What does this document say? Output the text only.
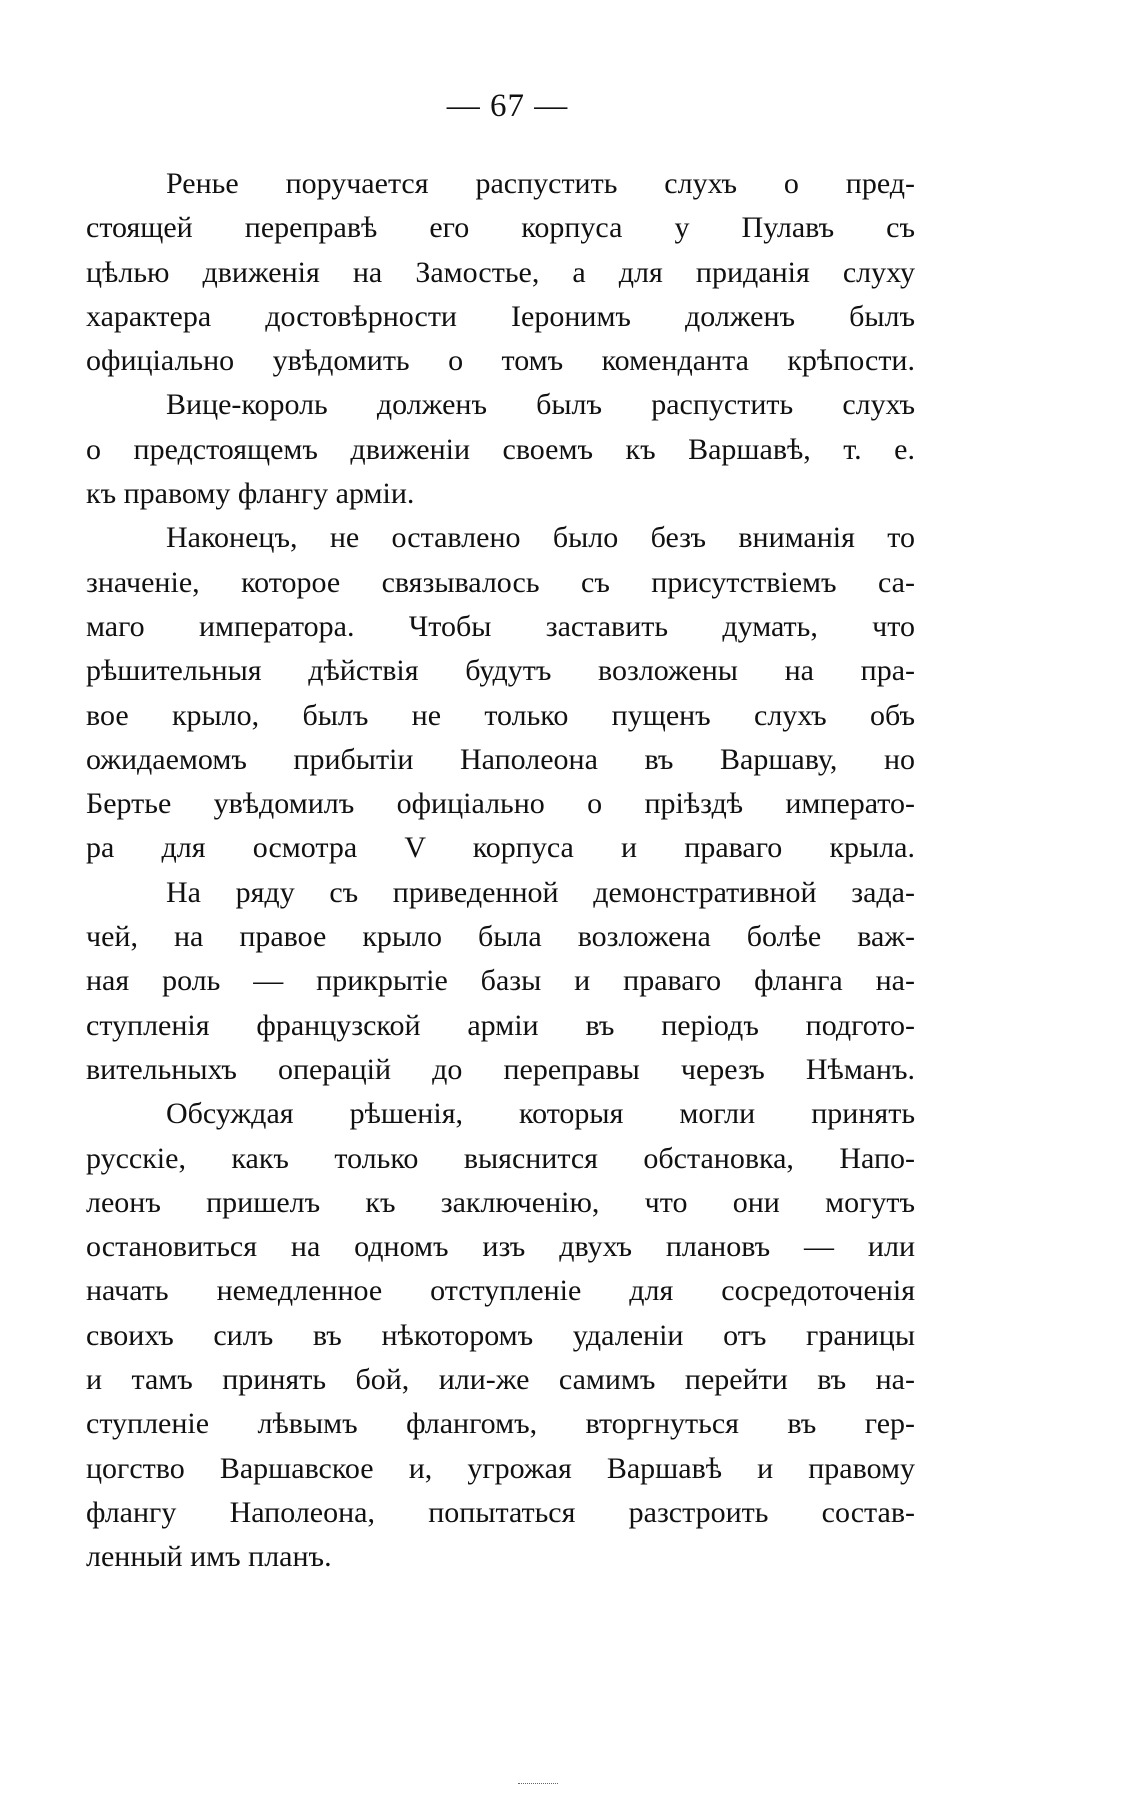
— 67 —
Ренье поручается распустить слухъ о пред-
стоящей переправѣ его корпуса у Пулавъ съ
цѣлью движенія на Замостье, а для приданія слуху
характера достовѣрности Іеронимъ долженъ былъ
офиціально увѣдомить о томъ коменданта крѣпости.
Вице-король долженъ былъ распустить слухъ
о предстоящемъ движеніи своемъ къ Варшавѣ, т. е.
къ правому флангу арміи.
Наконецъ, не оставлено было безъ вниманія то
значеніе, которое связывалось съ присутствіемъ са-
маго императора. Чтобы заставить думать, что
рѣшительныя дѣйствія будутъ возложены на пра-
вое крыло, былъ не только пущенъ слухъ объ
ожидаемомъ прибытіи Наполеона въ Варшаву, но
Бертье увѣдомилъ офиціально о пріѣздѣ императо-
ра для осмотра V корпуса и праваго крыла.
На ряду съ приведенной демонстративной зада-
чей, на правое крыло была возложена болѣе важ-
ная роль — прикрытіе базы и праваго фланга на-
ступленія французской арміи въ періодъ подгото-
вительныхъ операцій до переправы черезъ Нѣманъ.
Обсуждая рѣшенія, которыя могли принять
русскіе, какъ только выяснится обстановка, Напо-
леонъ пришелъ къ заключенію, что они могутъ
остановиться на одномъ изъ двухъ плановъ — или
начать немедленное отступленіе для сосредоточенія
своихъ силъ въ нѣкоторомъ удаленіи отъ границы
и тамъ принять бой, или-же самимъ перейти въ на-
ступленіе лѣвымъ флангомъ, вторгнуться въ гер-
цогство Варшавское и, угрожая Варшавѣ и правому
флангу Наполеона, попытаться разстроить состав-
ленный имъ планъ.
